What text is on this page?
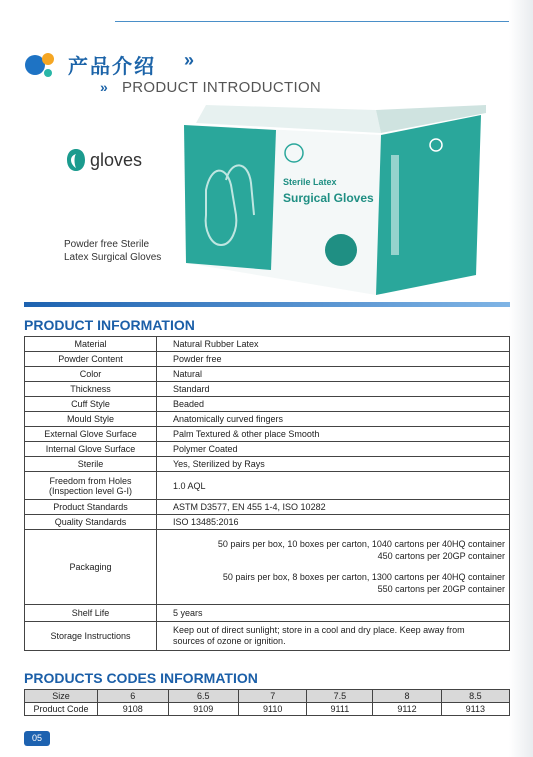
产品介绍 »
» PRODUCT INTRODUCTION
gloves
Powder free Sterile
Latex Surgical Gloves
Sterile Latex
Surgical Gloves
PRODUCT INFORMATION
Material	Natural Rubber Latex
Powder Content	Powder free
Color	Natural
Thickness	Standard
Cuff Style	Beaded
Mould Style	Anatomically curved fingers
External Glove Surface	Palm Textured & other place Smooth
Internal Glove Surface	Polymer Coated
Sterile	Yes, Sterilized by Rays

Freedom from Holes
(Inspection level G-I)	1.0 AQL
Product Standards	ASTM D3577, EN 455 1-4, ISO 10282
Quality Standards	ISO 13485:2016
Packaging	50 pairs per box, 10 boxes per carton, 1040 cartons per 40HQ container
450 cartons per 20GP container
50 pairs per box, 8 boxes per carton, 1300 cartons per 40HQ container
550 cartons per 20GP container

Shelf Life	5 years
Storage Instructions	Keep out of direct sunlight; store in a cool and dry place. Keep away from
sources of ozone or ignition.
PRODUCTS CODES INFORMATION
Size	6	6.5	7	7.5	8	8.5
Product Code	9108	9109	9110	9111	9112	9113
05
